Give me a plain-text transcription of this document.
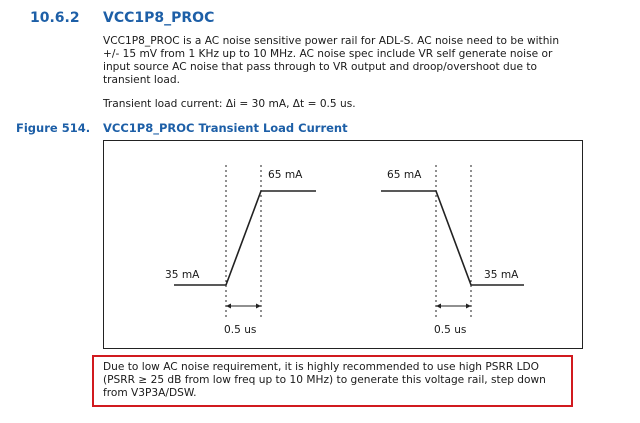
10.6.2 VCC1P8_PROC
VCC1P8_PROC is a AC noise sensitive power rail for ADL-S. AC noise need to be within
+/- 15 mV from 1 KHz up to 10 MHz. AC noise spec include VR self generate noise or
input source AC noise that pass through to VR output and droop/overshoot due to
transient load.

Transient load current: Δi = 30 mA, Δt = 0.5 us.

Figure 514. VCC1P8_PROC Transient Load Current
35 mA
65 mA
0.5 us
65 mA
35 mA
0.5 us

Due to low AC noise requirement, it is highly recommended to use high PSRR LDO

(PSRR ≥ 25 dB from low freq up to 10 MHz) to generate this voltage rail, step down

from V3P3A/DSW.
